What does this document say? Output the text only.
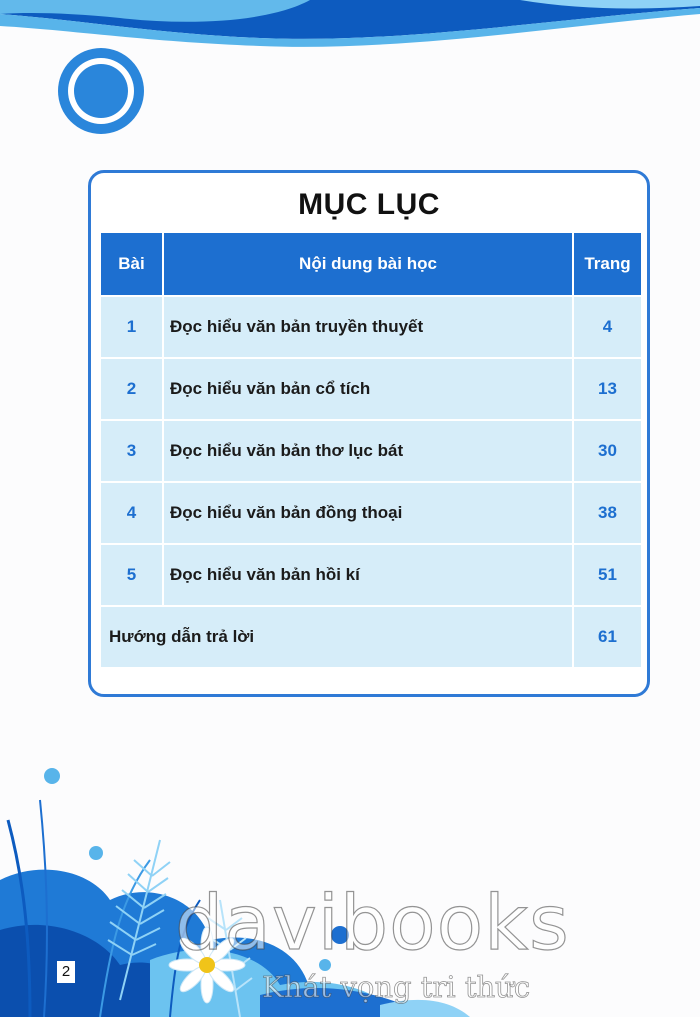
MỤC LỤC
Bài	Nội dung bài học	Trang
1	Đọc hiểu văn bản truyền thuyết	4
2	Đọc hiểu văn bản cổ tích	13
3	Đọc hiểu văn bản thơ lục bát	30
4	Đọc hiểu văn bản đồng thoại	38
5	Đọc hiểu văn bản hồi kí	51
Hướng dẫn trả lời	61
2
davibooks
Khát vọng tri thức
